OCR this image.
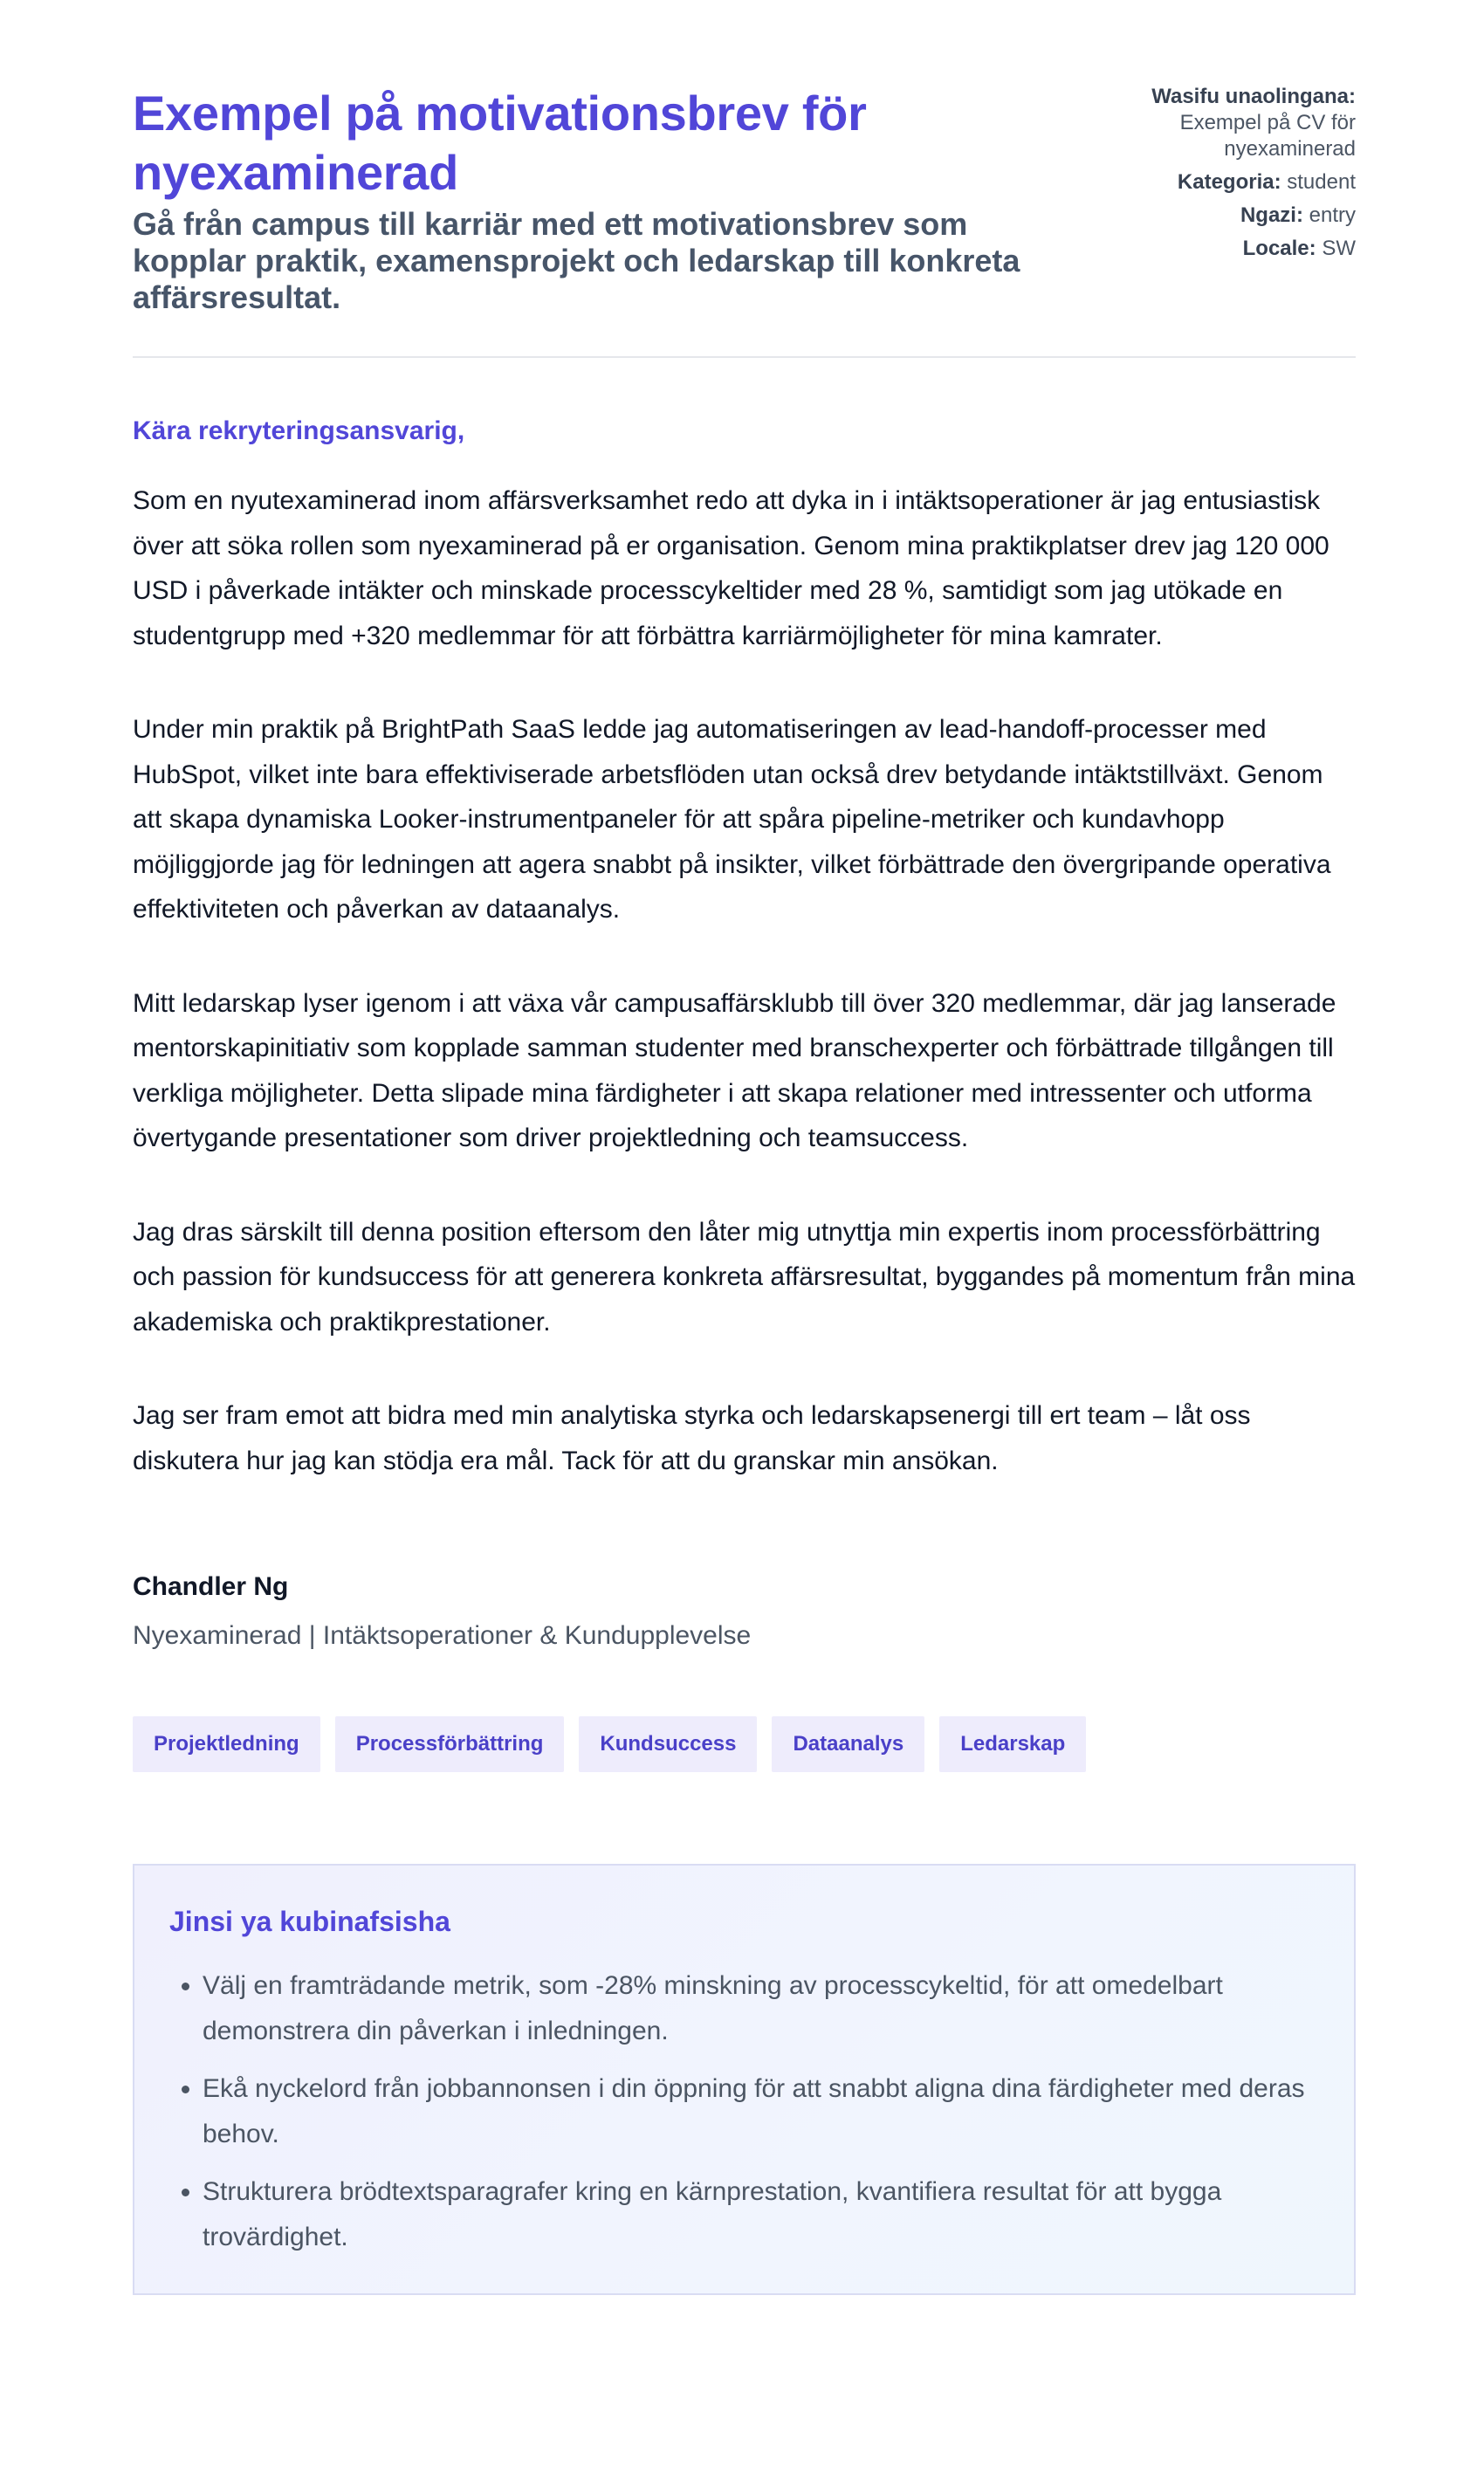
Exempel på motivationsbrev för nyexaminerad
Gå från campus till karriär med ett motivationsbrev som kopplar praktik, examensprojekt och ledarskap till konkreta affärsresultat.
Wasifu unaolingana:
Exempel på CV för nyexaminerad
Kategoria: student
Ngazi: entry
Locale: SW

Kära rekryteringsansvarig,

Som en nyutexaminerad inom affärsverksamhet redo att dyka in i intäktsoperationer är jag entusiastisk över att söka rollen som nyexaminerad på er organisation. Genom mina praktikplatser drev jag 120 000 USD i påverkade intäkter och minskade processcykeltider med 28 %, samtidigt som jag utökade en studentgrupp med +320 medlemmar för att förbättra karriärmöjligheter för mina kamrater.

Under min praktik på BrightPath SaaS ledde jag automatiseringen av lead-handoff-processer med HubSpot, vilket inte bara effektiviserade arbetsflöden utan också drev betydande intäktstillväxt. Genom att skapa dynamiska Looker-instrumentpaneler för att spåra pipeline-metriker och kundavhopp möjliggjorde jag för ledningen att agera snabbt på insikter, vilket förbättrade den övergripande operativa effektiviteten och påverkan av dataanalys.

Mitt ledarskap lyser igenom i att växa vår campusaffärsklubb till över 320 medlemmar, där jag lanserade mentorskapinitiativ som kopplade samman studenter med branschexperter och förbättrade tillgången till verkliga möjligheter. Detta slipade mina färdigheter i att skapa relationer med intressenter och utforma övertygande presentationer som driver projektledning och teamsuccess.

Jag dras särskilt till denna position eftersom den låter mig utnyttja min expertis inom processförbättring och passion för kundsuccess för att generera konkreta affärsresultat, byggandes på momentum från mina akademiska och praktikprestationer.

Jag ser fram emot att bidra med min analytiska styrka och ledarskapsenergi till ert team – låt oss diskutera hur jag kan stödja era mål. Tack för att du granskar min ansökan.

Chandler Ng

Nyexaminerad | Intäktsoperationer & Kundupplevelse

Projektledning	Processförbättring	Kundsuccess	Dataanalys	Ledarskap
Jinsi ya kubinafsisha
• Välj en framträdande metrik, som -28% minskning av processcykeltid, för att omedelbart demonstrera din påverkan i inledningen.
• Ekå nyckelord från jobbannonsen i din öppning för att snabbt aligna dina färdigheter med deras behov.
• Strukturera brödtextsparagrafer kring en kärnprestation, kvantifiera resultat för att bygga trovärdighet.
